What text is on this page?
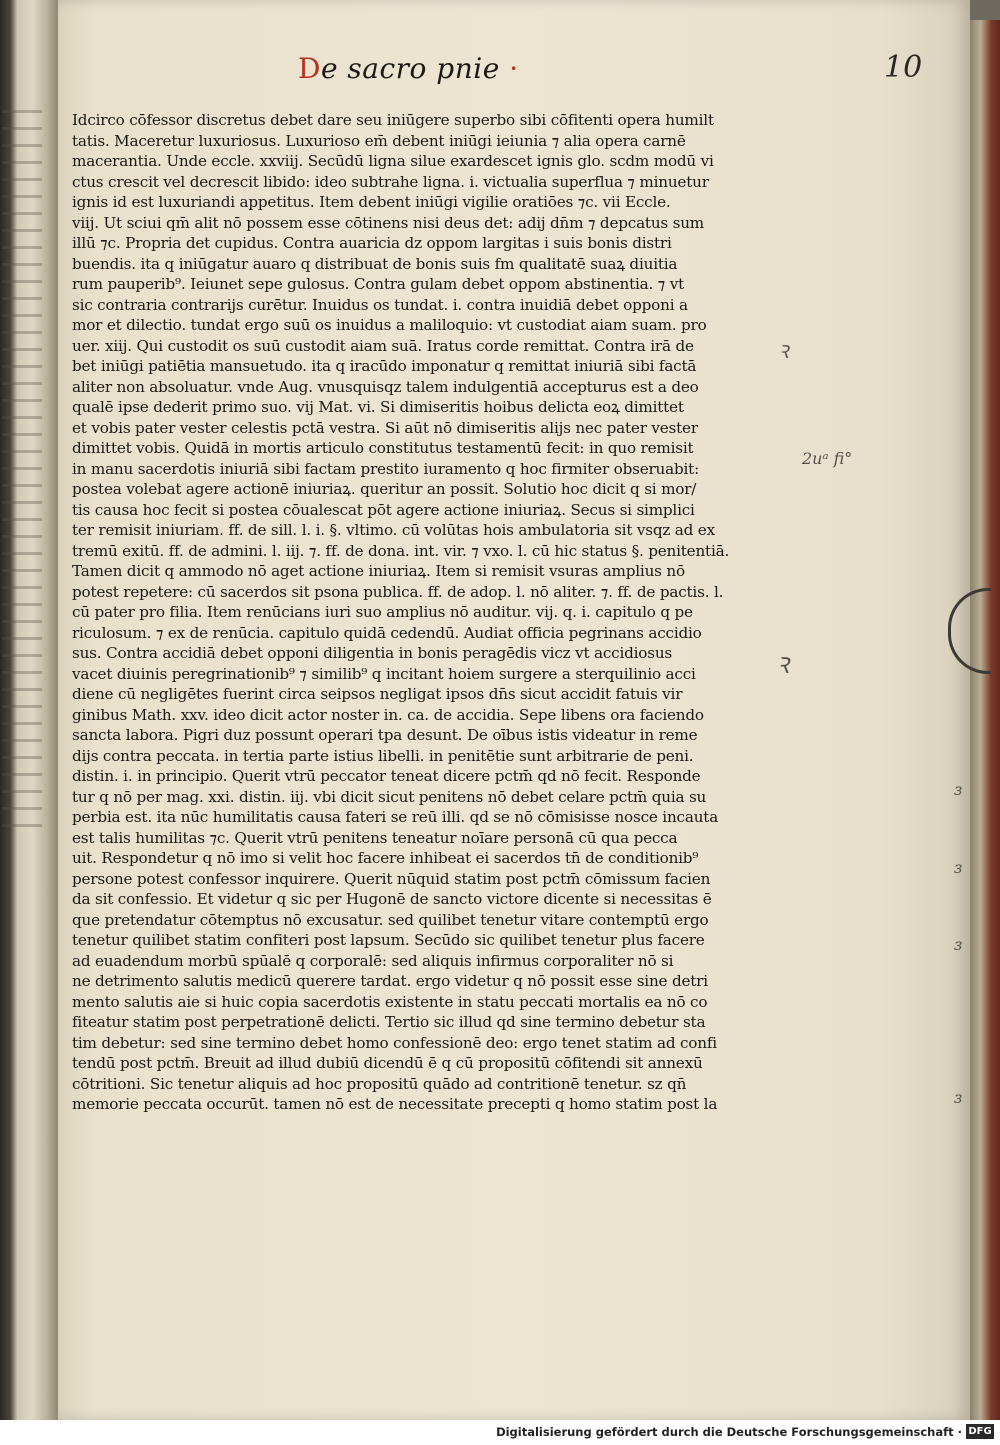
De sacro pnie ·	10
Idcirco cōfessor discretus debet dare seu iniūgere superbo sibi cōfitenti opera humilt
tatis. Maceretur luxuriosus. Luxurioso em̄ debent iniūgi ieiunia ⁊ alia opera carnē
macerantia. Unde eccle. xxviij. Secūdū ligna silue exardescet ignis glo. scdm modū vi
ctus crescit vel decrescit libido: ideo subtrahe ligna. i. victualia superflua ⁊ minuetur
ignis id est luxuriandi appetitus. Item debent iniūgi vigilie oratiōes ⁊c. vii Eccle.
viij. Ut sciui qm̄ alit nō possem esse cōtinens nisi deus det: adij dn̄m ⁊ depcatus sum
illū ⁊c. Propria det cupidus. Contra auaricia dz oppom largitas i suis bonis distri
buendis. ita q iniūgatur auaro q distribuat de bonis suis fm qualitatē suaꝝ diuitia
rum pauperib⁹. Ieiunet sepe gulosus. Contra gulam debet oppom abstinentia. ⁊ vt
sic contraria contrarijs curētur. Inuidus os tundat. i. contra inuidiā debet opponi a
mor et dilectio. tundat ergo suū os inuidus a maliloquio: vt custodiat aiam suam. pro
uer. xiij. Qui custodit os suū custodit aiam suā. Iratus corde remittat. Contra irā de
bet iniūgi patiētia mansuetudo. ita q iracūdo imponatur q remittat iniuriā sibi factā
aliter non absoluatur. vnde Aug. vnusquisqz talem indulgentiā accepturus est a deo
qualē ipse dederit primo suo. vij Mat. vi. Si dimiseritis hoibus delicta eoꝝ dimittet
et vobis pater vester celestis pctā vestra. Si aūt nō dimiseritis alijs nec pater vester
dimittet vobis. Quidā in mortis articulo constitutus testamentū fecit: in quo remisit
in manu sacerdotis iniuriā sibi factam prestito iuramento q hoc firmiter obseruabit:
postea volebat agere actionē iniuriaꝝ. queritur an possit. Solutio hoc dicit q si mor/
tis causa hoc fecit si postea cōualescat pōt agere actione iniuriaꝝ. Secus si simplici
ter remisit iniuriam. ff. de sill. l. i. §. vltimo. cū volūtas hois ambulatoria sit vsqz ad ex
tremū exitū. ff. de admini. l. iij. ⁊. ff. de dona. int. vir. ⁊ vxo. l. cū hic status §. penitentiā.
Tamen dicit q ammodo nō aget actione iniuriaꝝ. Item si remisit vsuras amplius nō
potest repetere: cū sacerdos sit psona publica. ff. de adop. l. nō aliter. ⁊. ff. de pactis. l.
cū pater pro filia. Item renūcians iuri suo amplius nō auditur. vij. q. i. capitulo q pe
riculosum. ⁊ ex de renūcia. capitulo quidā cedendū. Audiat officia pegrinans accidio
sus. Contra accidiā debet opponi diligentia in bonis peragēdis vicz vt accidiosus
vacet diuinis peregrinationib⁹ ⁊ similib⁹ q incitant hoiem surgere a sterquilinio acci
diene cū negligētes fuerint circa seipsos negligat ipsos dn̄s sicut accidit fatuis vir
ginibus Math. xxv. ideo dicit actor noster in. ca. de accidia. Sepe libens ora faciendo
sancta labora. Pigri duz possunt operari tpa desunt. De oībus istis videatur in reme
dijs contra peccata. in tertia parte istius libelli. in penitētie sunt arbitrarie de peni.
distin. i. in principio. Querit vtrū peccator teneat dicere pctm̄ qd nō fecit. Responde
tur q nō per mag. xxi. distin. iij. vbi dicit sicut penitens nō debet celare pctm̄ quia su
perbia est. ita nūc humilitatis causa fateri se reū illi. qd se nō cōmisisse nosce incauta
est talis humilitas ⁊c. Querit vtrū penitens teneatur noīare personā cū qua pecca
uit. Respondetur q nō imo si velit hoc facere inhibeat ei sacerdos tn̄ de conditionib⁹
persone potest confessor inquirere. Querit nūquid statim post pctm̄ cōmissum facien
da sit confessio. Et videtur q sic per Hugonē de sancto victore dicente si necessitas ē
que pretendatur cōtemptus nō excusatur. sed quilibet tenetur vitare contemptū ergo
tenetur quilibet statim confiteri post lapsum. Secūdo sic quilibet tenetur plus facere
ad euadendum morbū spūalē q corporalē: sed aliquis infirmus corporaliter nō si
ne detrimento salutis medicū querere tardat. ergo videtur q nō possit esse sine detri
mento salutis aie si huic copia sacerdotis existente in statu peccati mortalis ea nō co
fiteatur statim post perpetrationē delicti. Tertio sic illud qd sine termino debetur sta
tim debetur: sed sine termino debet homo confessionē deo: ergo tenet statim ad confi
tendū post pctm̄. Breuit ad illud dubiū dicendū ē q cū propositū cōfitendi sit annexū
cōtritioni. Sic tenetur aliquis ad hoc propositū quādo ad contritionē tenetur. sz qn̄
memorie peccata occurūt. tamen nō est de necessitate precepti q homo statim post la
Ꝛ
2uᵃ fi°
Ꝛ
ɜ
ɜ
ɜ
ɜ
Digitalisierung gefördert durch die Deutsche Forschungsgemeinschaft · DFG
